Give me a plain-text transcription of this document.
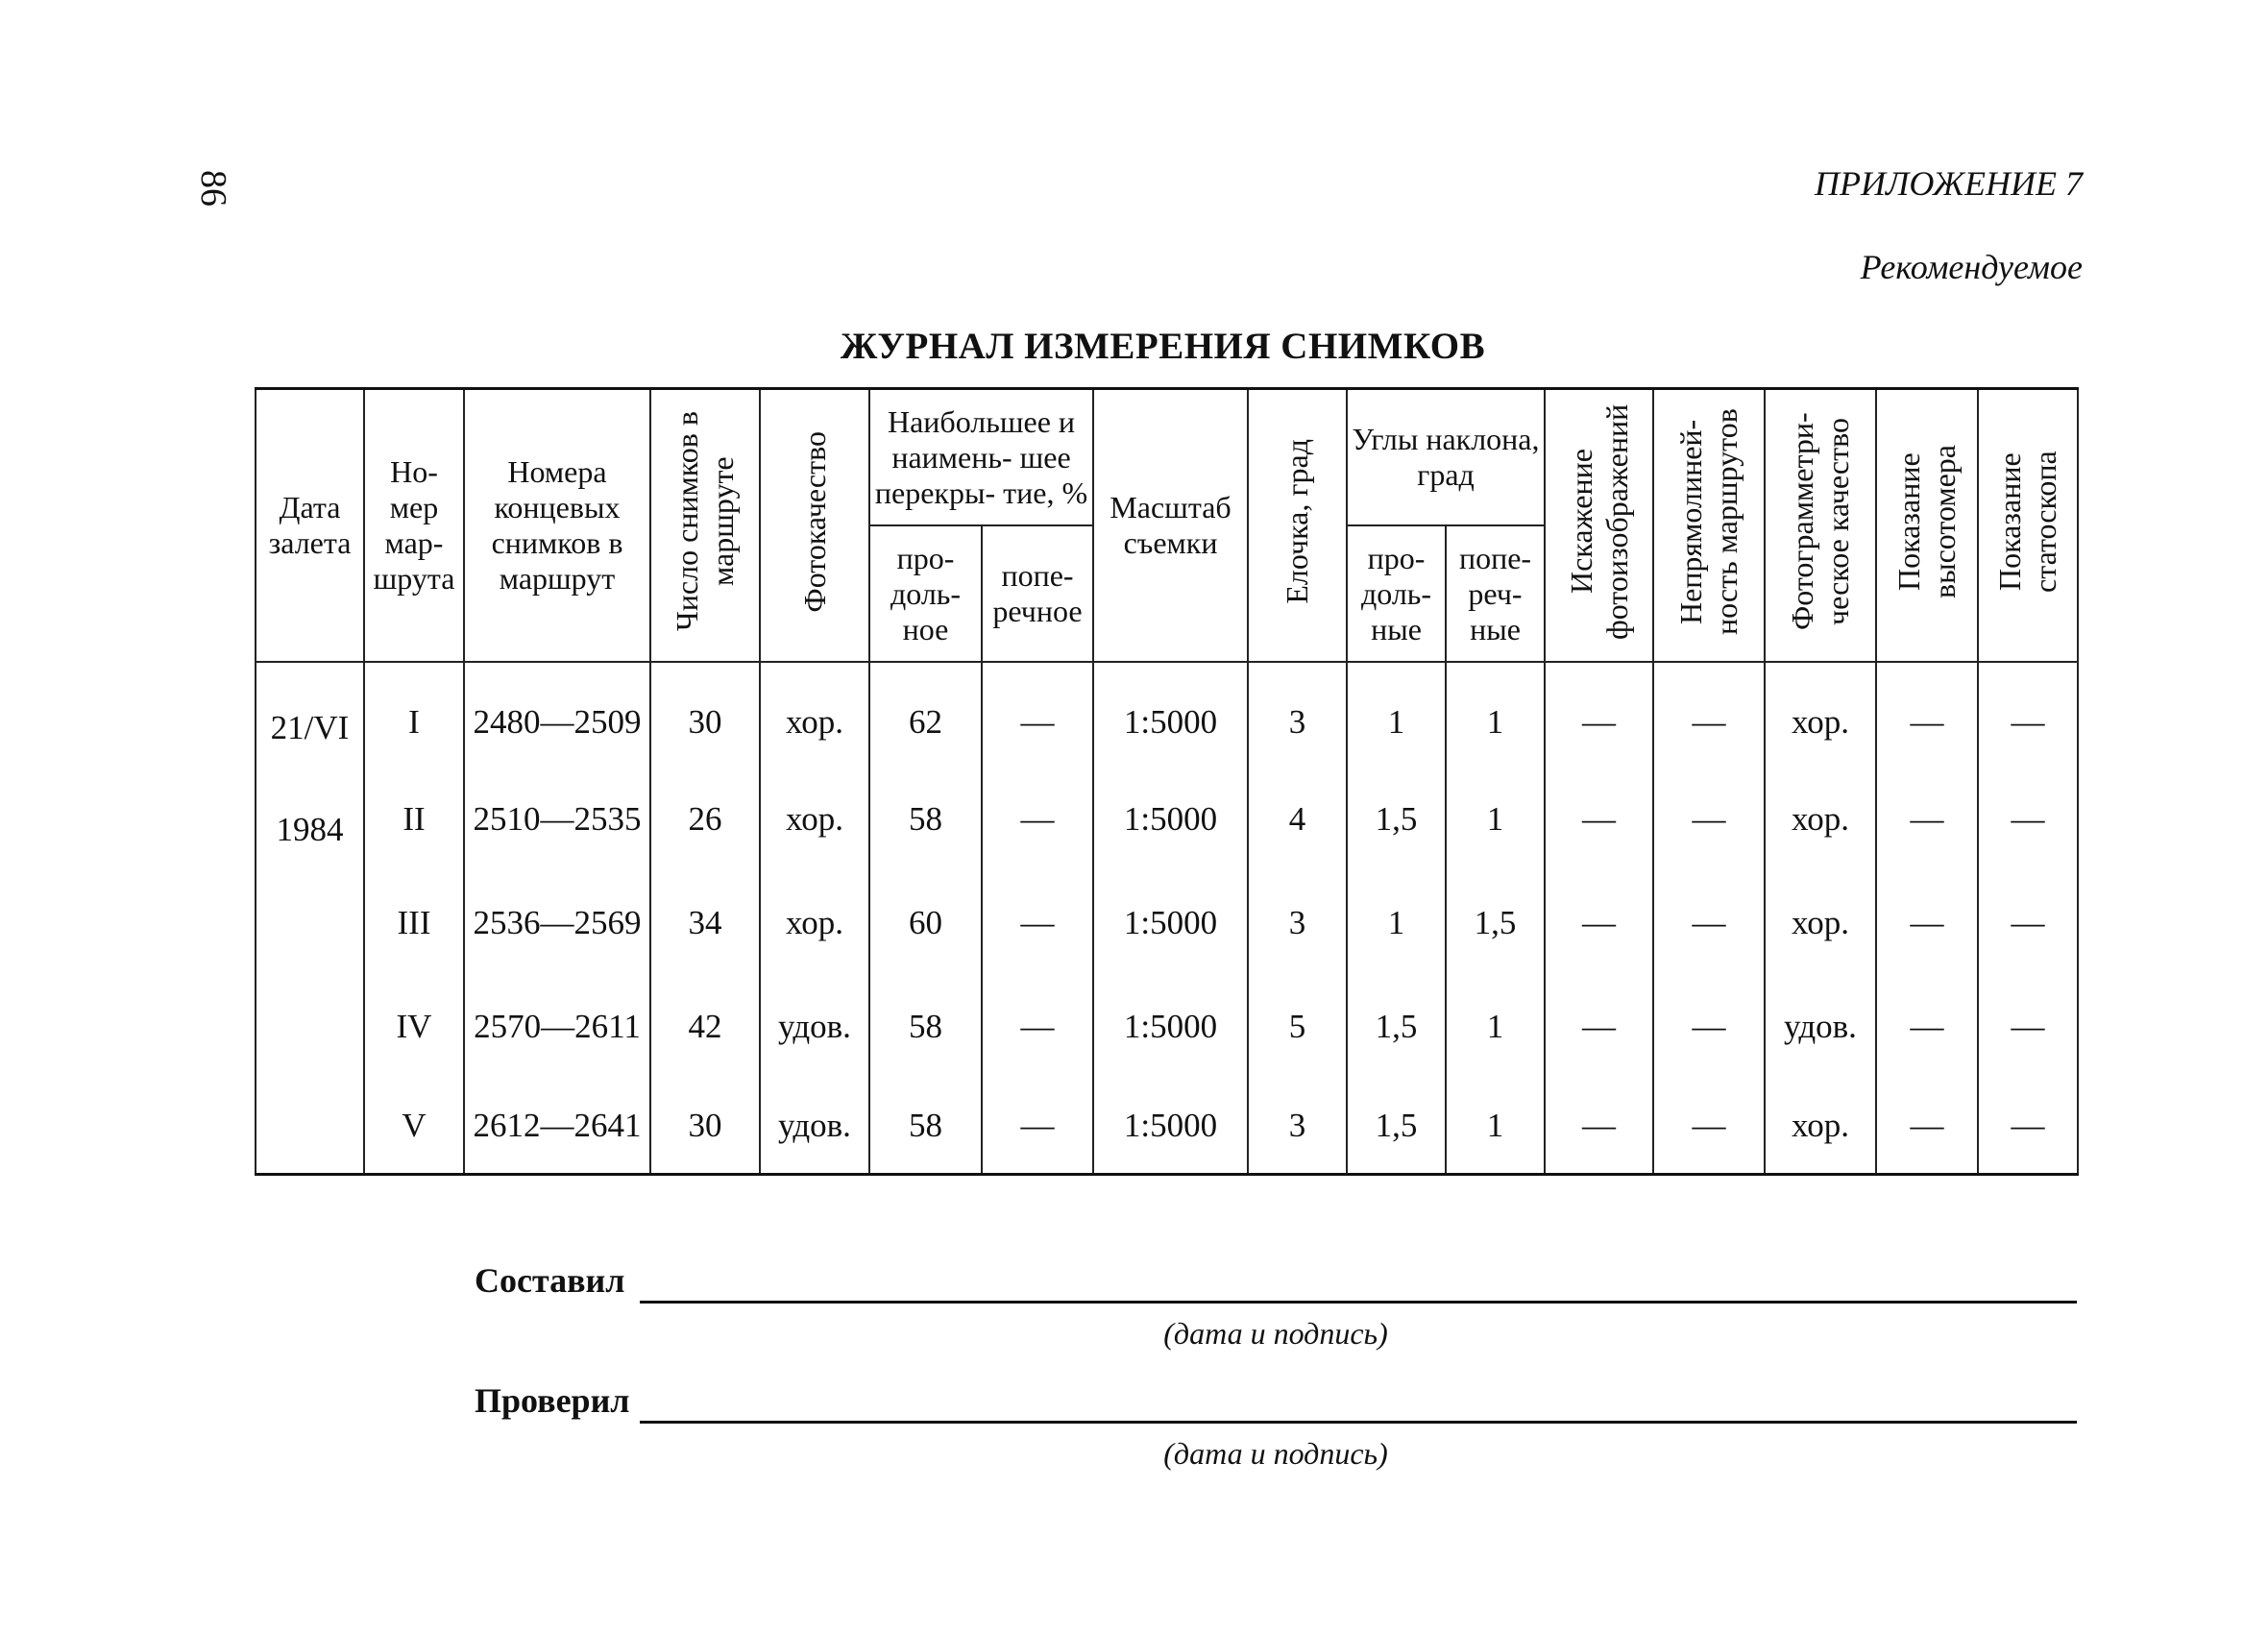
86	ПРИЛОЖЕНИЕ 7
Рекомендуемое
ЖУРНАЛ ИЗМЕРЕНИЯ СНИМКОВ
Дата залета	Но- мер мар- шрута	Номера концевых снимков в маршрут	Число снимков в маршруте	Фотокачество	Наибольшее и наимень- шее перекры- тие, %		Масштаб съемки	Елочка, град	Углы наклона, град		Искажение фотоизображений	Непрямолиней- ность маршрутов	Фотограмметри- ческое качество	Показание высотомера	Показание статоскопа
					про- доль- ное	попе- речное			про- доль- ные	попе- реч- ные					

21/VI
1984	I	2480—2509	30	хор.	62	—	1:5000	3	1	1	—	—	хор.	—	—
	II	2510—2535	26	хор.	58	—	1:5000	4	1,5	1	—	—	хор.	—	—
	III	2536—2569	34	хор.	60	—	1:5000	3	1	1,5	—	—	хор.	—	—
	IV	2570—2611	42	удов.	58	—	1:5000	5	1,5	1	—	—	удов.	—	—
	V	2612—2641	30	удов.	58	—	1:5000	3	1,5	1	—	—	хор.	—	—
Составил
(дата и подпись)
Проверил
(дата и подпись)
